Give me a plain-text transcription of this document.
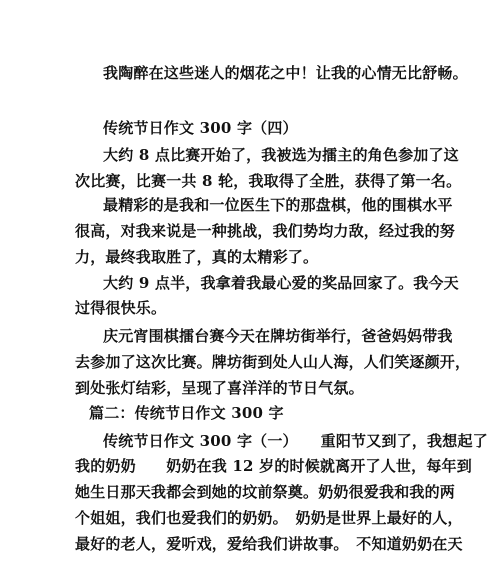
我陶醉在这些迷人的烟花之中！让我的心情无比舒畅。
传统节日作文 300 字（四）
大约 8 点比赛开始了，我被选为擂主的角色参加了这
次比赛，比赛一共 8 轮，我取得了全胜，获得了第一名。
最精彩的是我和一位医生下的那盘棋，他的围棋水平
很高，对我来说是一种挑战，我们势均力敌，经过我的努
力，最终我取胜了，真的太精彩了。
大约 9 点半，我拿着我最心爱的奖品回家了。我今天
过得很快乐。
庆元宵围棋擂台赛今天在牌坊街举行，爸爸妈妈带我
去参加了这次比赛。牌坊街到处人山人海，人们笑逐颜开，
到处张灯结彩，呈现了喜洋洋的节日气氛。
篇二：传统节日作文 300 字
传统节日作文 300 字（一）　　重阳节又到了，我想起了
我的奶奶　　奶奶在我 12 岁的时候就离开了人世，每年到
她生日那天我都会到她的坟前祭奠。奶奶很爱我和我的两
个姐姐，我们也爱我们的奶奶。　奶奶是世界上最好的人，
最好的老人，爱听戏，爱给我们讲故事。　不知道奶奶在天
